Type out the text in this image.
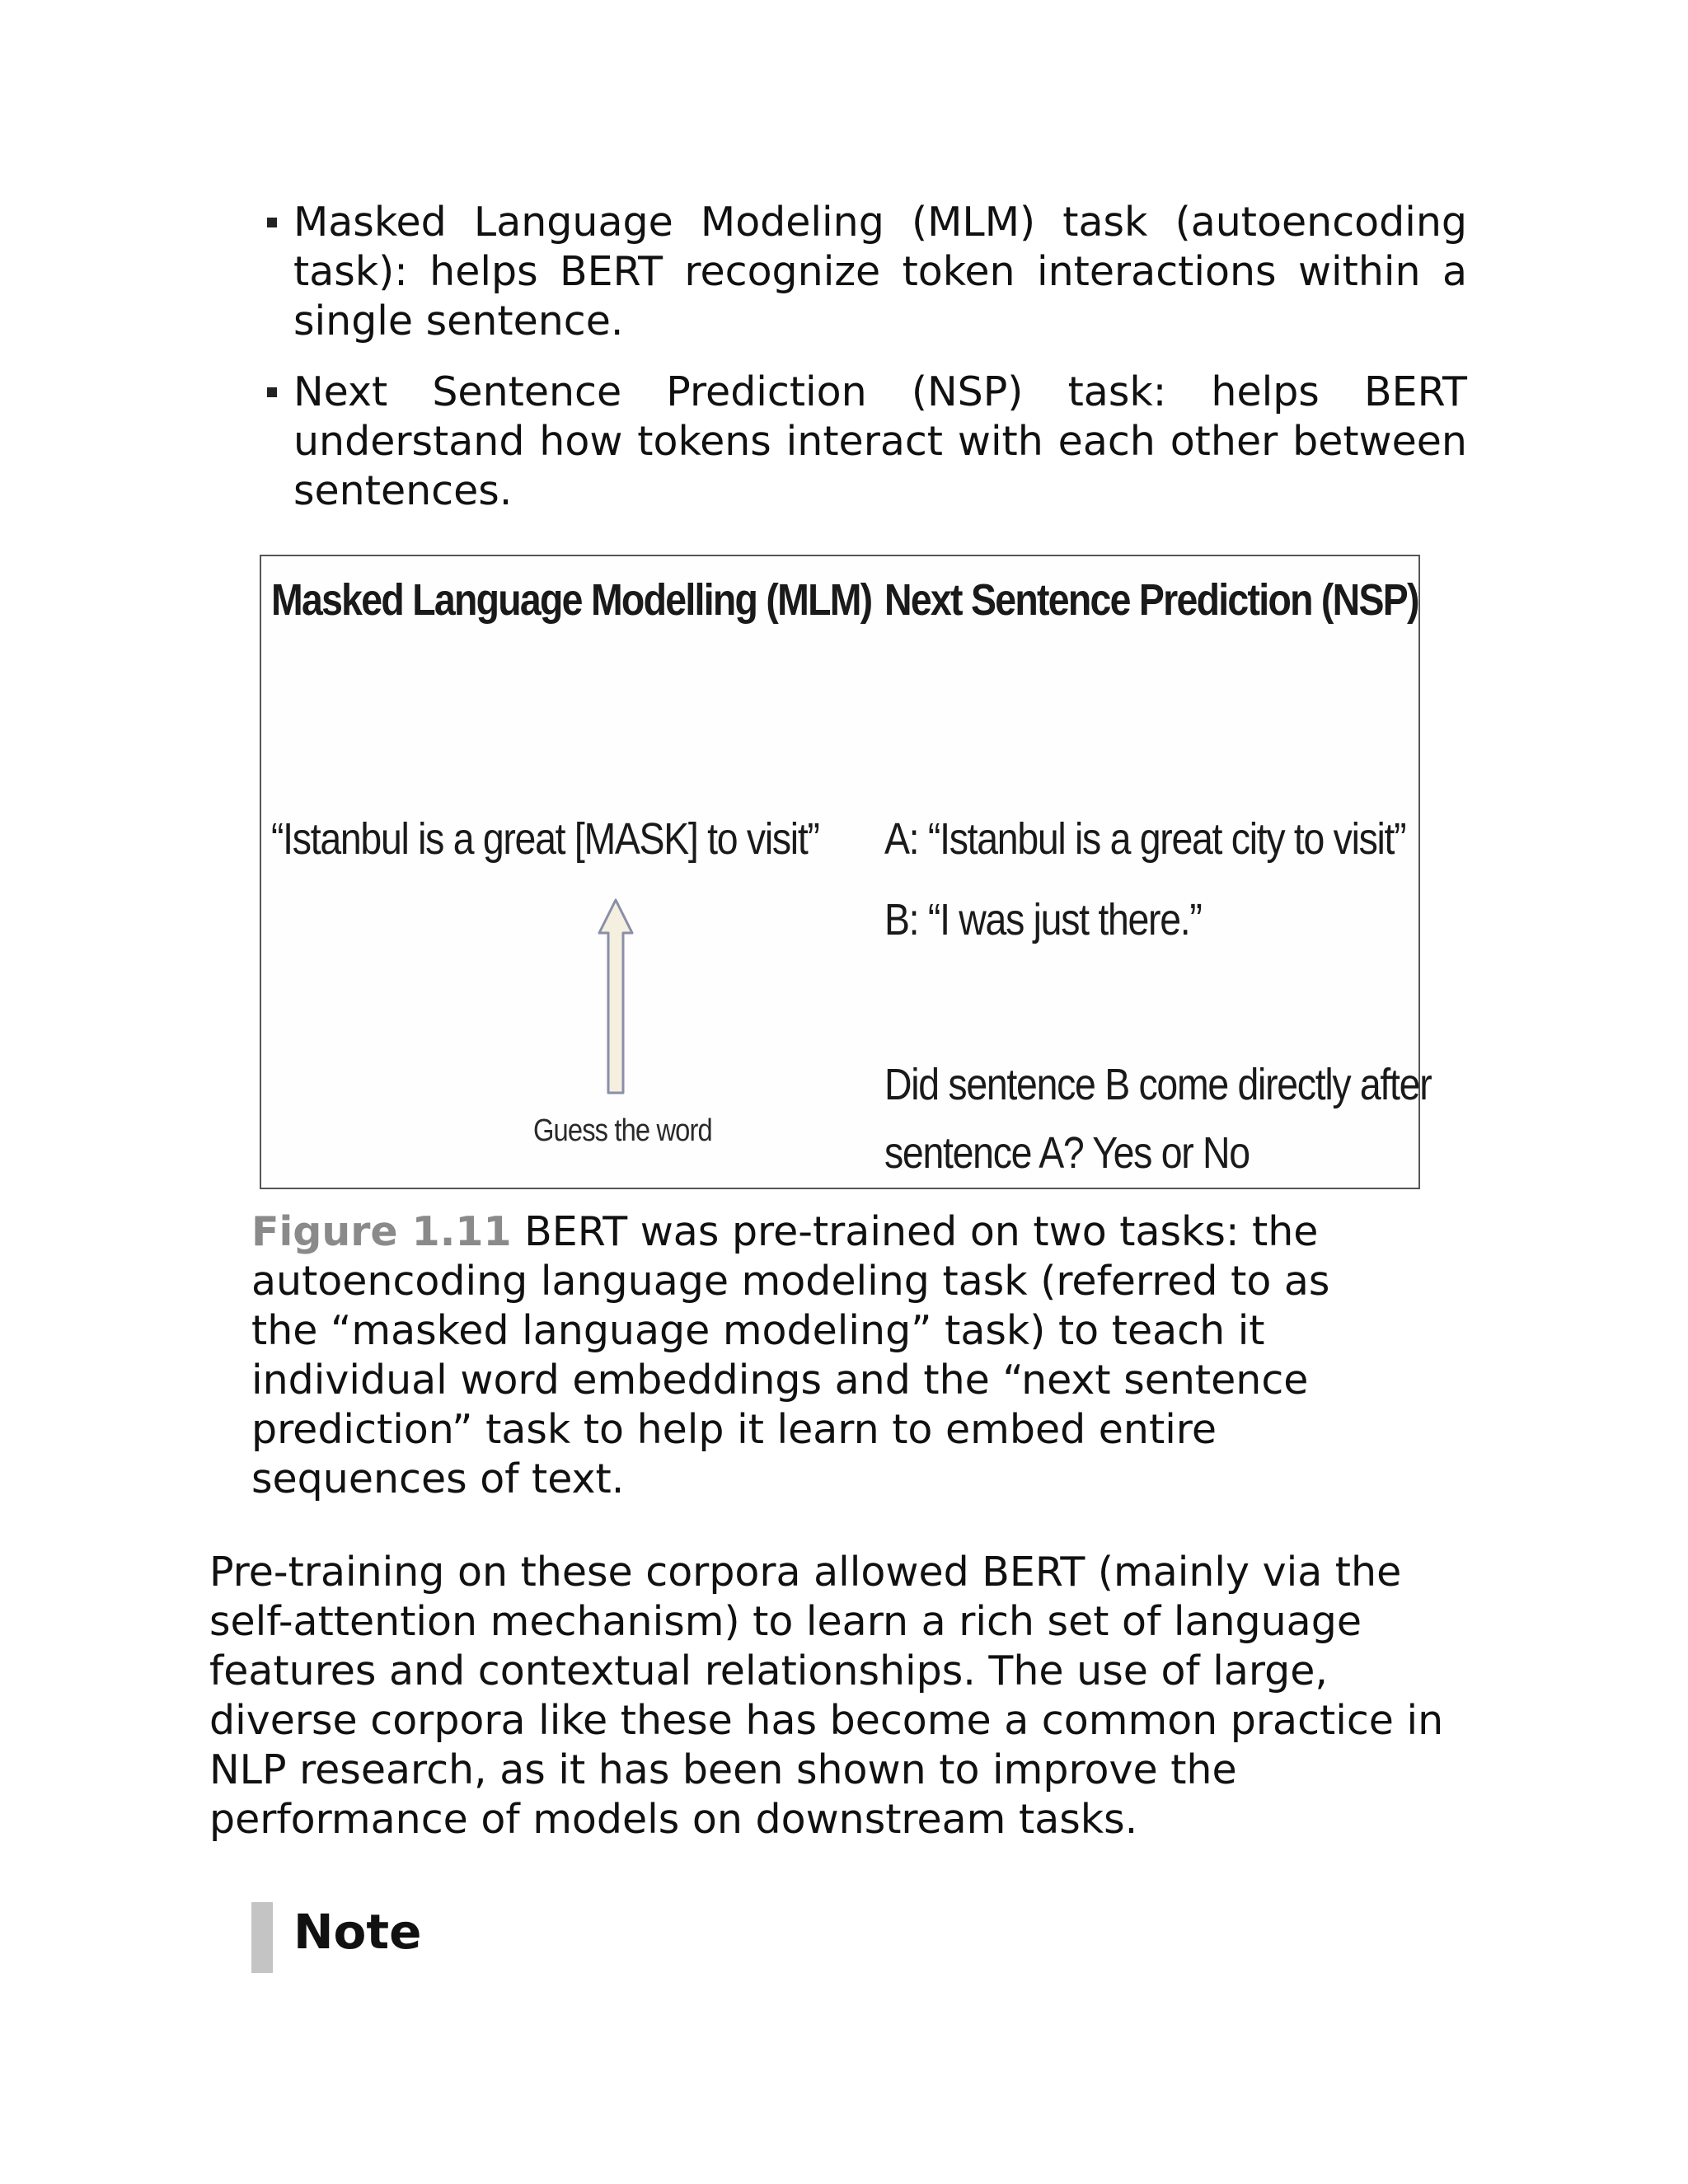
Masked Language Modeling (MLM) task (autoencoding task): helps BERT recognize token interactions within a single sentence.
Next Sentence Prediction (NSP) task: helps BERT understand how tokens interact with each other between sentences.
Masked Language Modelling (MLM)
“Istanbul is a great [MASK] to visit”
Guess the word
Next Sentence Prediction (NSP)
A: “Istanbul is a great city to visit”
B: “I was just there.”
Did sentence B come directly after
sentence A? Yes or No
Figure 1.11 BERT was pre-trained on two tasks: the autoencoding language modeling task (referred to as the “masked language modeling” task) to teach it individual word embeddings and the “next sentence prediction” task to help it learn to embed entire sequences of text.

Pre-training on these corpora allowed BERT (mainly via the self-attention mechanism) to learn a rich set of language features and contextual relationships. The use of large, diverse corpora like these has become a common practice in NLP research, as it has been shown to improve the performance of models on downstream tasks.

Note
